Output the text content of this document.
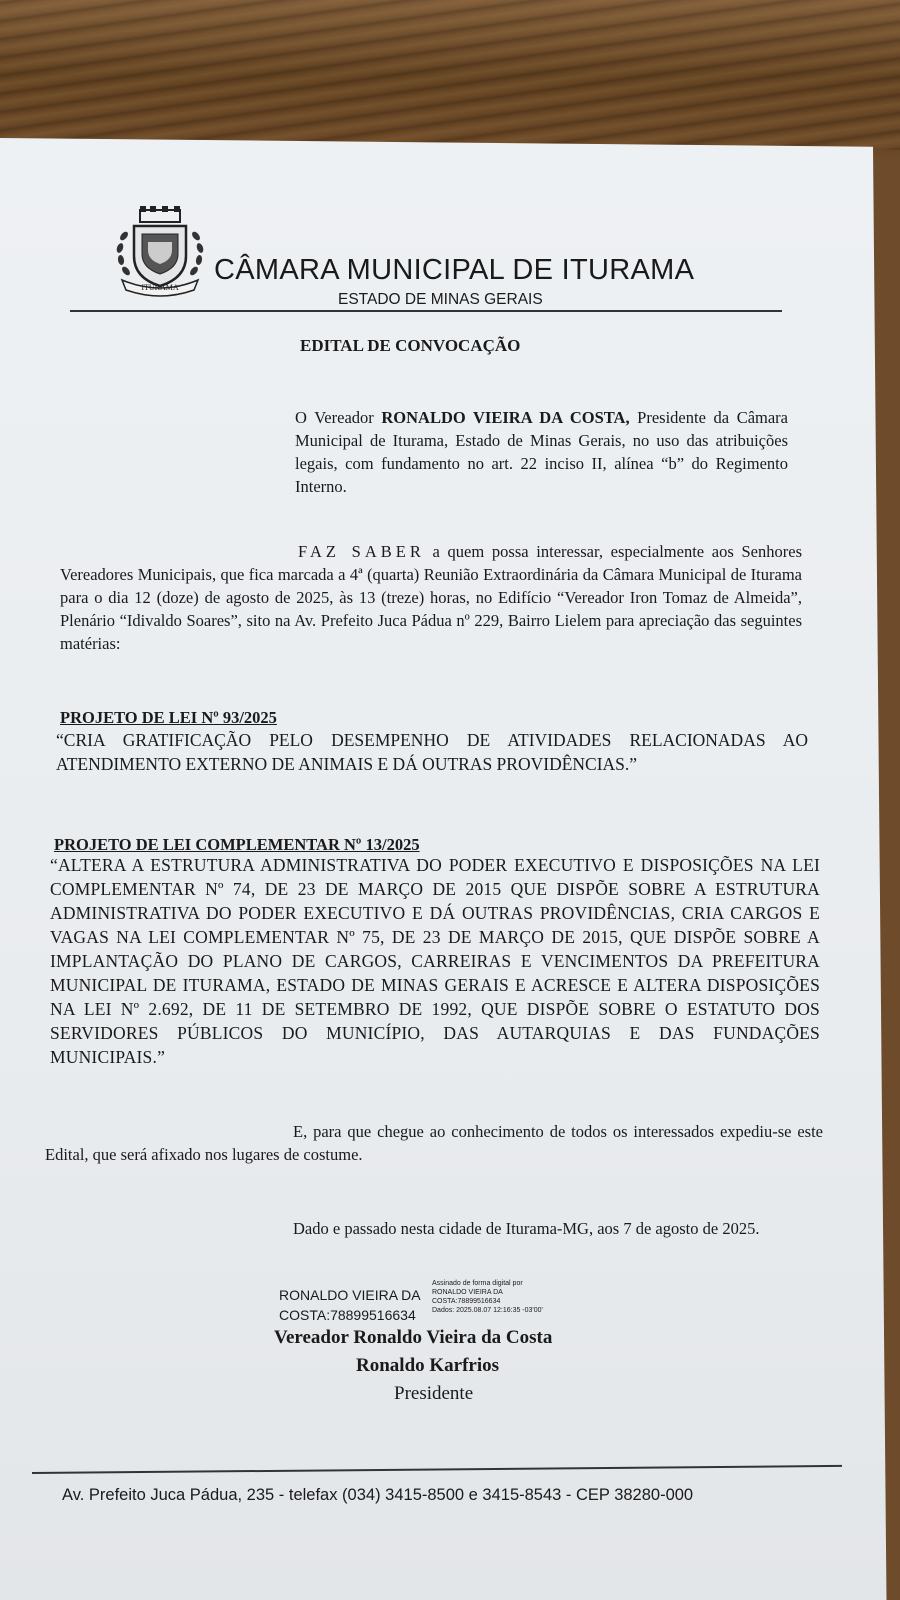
ITURAMA
CÂMARA MUNICIPAL DE ITURAMA
ESTADO DE MINAS GERAIS
EDITAL DE CONVOCAÇÃO
O Vereador RONALDO VIEIRA DA COSTA, Presidente da Câmara Municipal de Iturama, Estado de Minas Gerais, no uso das atribuições legais, com fundamento no art. 22 inciso II, alínea “b” do Regimento Interno.
FAZ SABER a quem possa interessar, especialmente aos Senhores Vereadores Municipais, que fica marcada a 4ª (quarta) Reunião Extraordinária da Câmara Municipal de Iturama para o dia 12 (doze) de agosto de 2025, às 13 (treze) horas, no Edifício “Vereador Iron Tomaz de Almeida”, Plenário “Idivaldo Soares”, sito na Av. Prefeito Juca Pádua nº 229, Bairro Lielem para apreciação das seguintes matérias:
PROJETO DE LEI Nº 93/2025
“CRIA GRATIFICAÇÃO PELO DESEMPENHO DE ATIVIDADES RELACIONADAS AO ATENDIMENTO EXTERNO DE ANIMAIS E DÁ OUTRAS PROVIDÊNCIAS.”
PROJETO DE LEI COMPLEMENTAR Nº 13/2025
“ALTERA A ESTRUTURA ADMINISTRATIVA DO PODER EXECUTIVO E DISPOSIÇÕES NA LEI COMPLEMENTAR Nº 74, DE 23 DE MARÇO DE 2015 QUE DISPÕE SOBRE A ESTRUTURA ADMINISTRATIVA DO PODER EXECUTIVO E DÁ OUTRAS PROVIDÊNCIAS, CRIA CARGOS E VAGAS NA LEI COMPLEMENTAR Nº 75, DE 23 DE MARÇO DE 2015, QUE DISPÕE SOBRE A IMPLANTAÇÃO DO PLANO DE CARGOS, CARREIRAS E VENCIMENTOS DA PREFEITURA MUNICIPAL DE ITURAMA, ESTADO DE MINAS GERAIS E ACRESCE E ALTERA DISPOSIÇÕES NA LEI Nº 2.692, DE 11 DE SETEMBRO DE 1992, QUE DISPÕE SOBRE O ESTATUTO DOS SERVIDORES PÚBLICOS DO MUNICÍPIO, DAS AUTARQUIAS E DAS FUNDAÇÕES MUNICIPAIS.”
E, para que chegue ao conhecimento de todos os interessados expediu-se este Edital, que será afixado nos lugares de costume.
Dado e passado nesta cidade de Iturama-MG, aos 7 de agosto de 2025.
RONALDO VIEIRA DA
COSTA:78899516634
Assinado de forma digital por
RONALDO VIEIRA DA
COSTA:78899516634
Dados: 2025.08.07 12:16:35 -03'00'
Vereador Ronaldo Vieira da Costa
Ronaldo Karfrios
Presidente
Av. Prefeito Juca Pádua, 235 - telefax (034) 3415-8500 e 3415-8543 - CEP 38280-000
